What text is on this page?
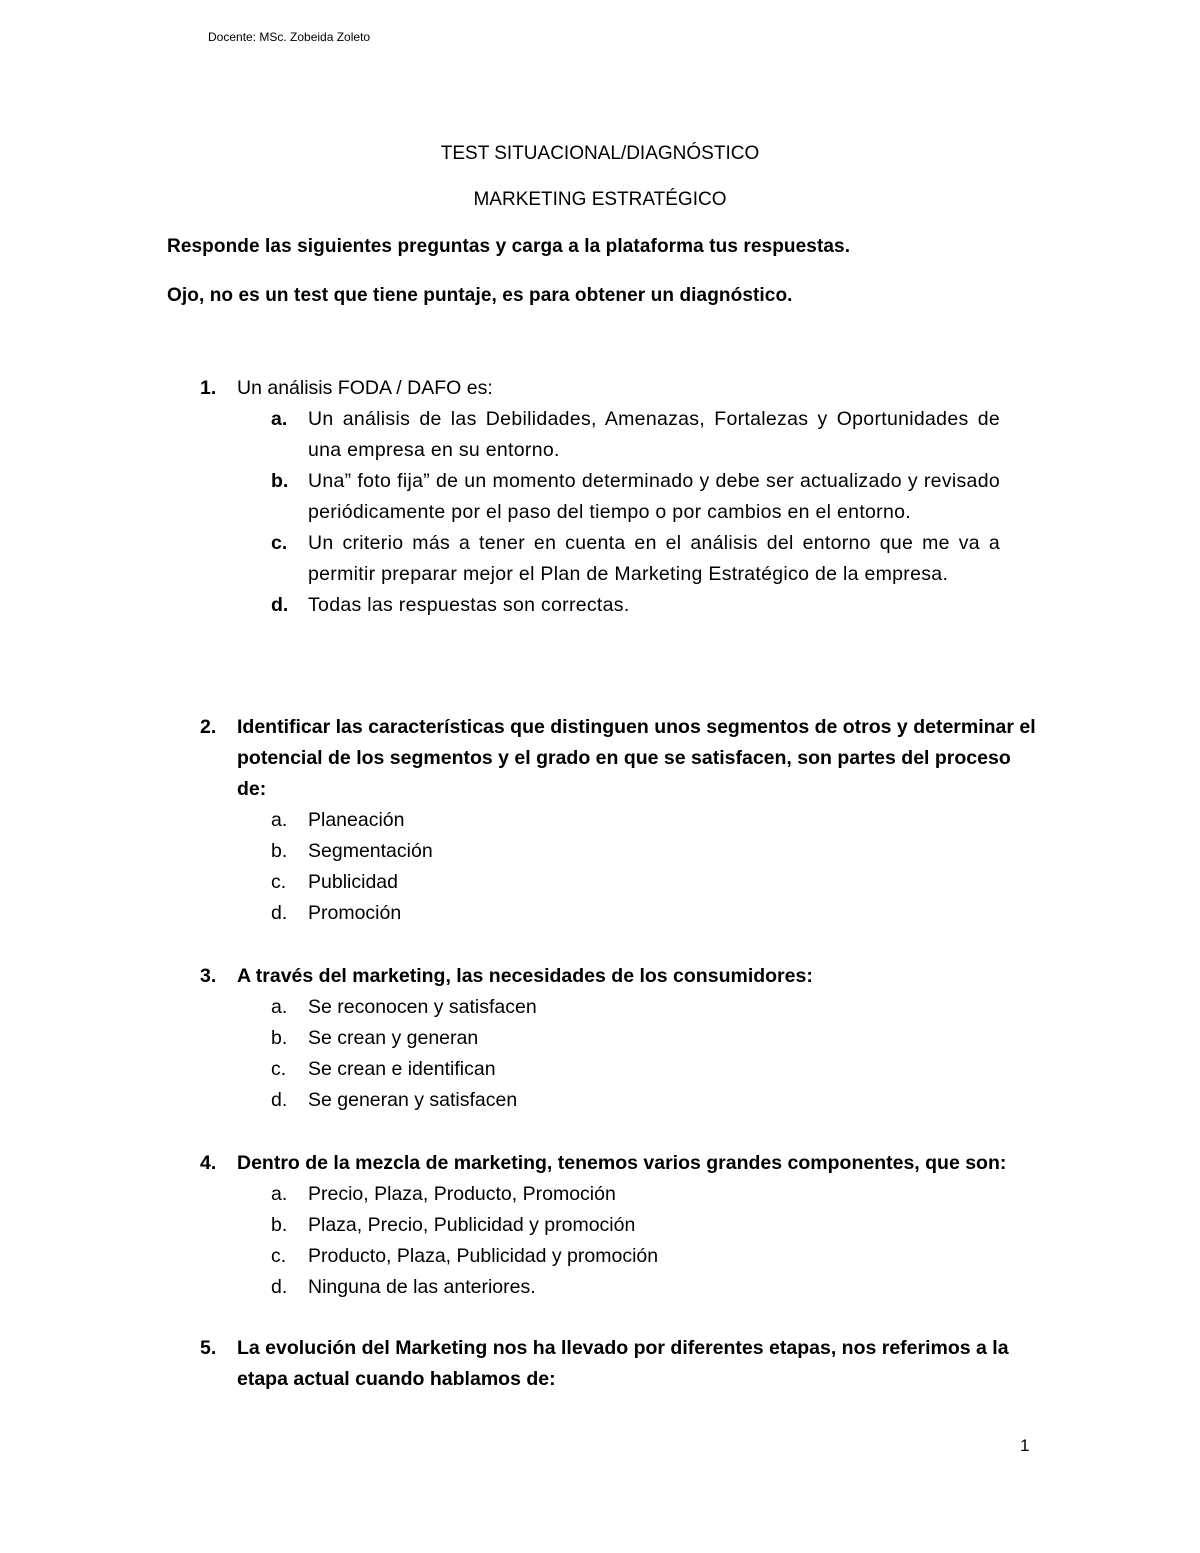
Docente: MSc. Zobeida Zoleto
TEST SITUACIONAL/DIAGNÓSTICO
MARKETING ESTRATÉGICO
Responde las siguientes preguntas y carga a la plataforma tus respuestas.
Ojo, no es un test que tiene puntaje, es para obtener un diagnóstico.
1.	Un análisis FODA / DAFO es:
a. Un análisis de las Debilidades, Amenazas, Fortalezas y Oportunidades de una empresa en su entorno.
b. Una” foto fija” de un momento determinado y debe ser actualizado y revisado periódicamente por el paso del tiempo o por cambios en el entorno.
c. Un criterio más a tener en cuenta en el análisis del entorno que me va a permitir preparar mejor el Plan de Marketing Estratégico de la empresa.
d. Todas las respuestas son correctas.
2.	Identificar las características que distinguen unos segmentos de otros y determinar el potencial de los segmentos y el grado en que se satisfacen, son partes del proceso de:
a. Planeación
b. Segmentación
c. Publicidad
d. Promoción
3.	A través del marketing, las necesidades de los consumidores:
a. Se reconocen y satisfacen
b. Se crean y generan
c. Se crean e identifican
d. Se generan y satisfacen
4.	Dentro de la mezcla de marketing, tenemos varios grandes componentes, que son:
a. Precio, Plaza, Producto, Promoción
b. Plaza, Precio, Publicidad y promoción
c. Producto, Plaza, Publicidad y promoción
d. Ninguna de las anteriores.
5.	La evolución del Marketing nos ha llevado por diferentes etapas, nos referimos a la etapa actual cuando hablamos de:
1
